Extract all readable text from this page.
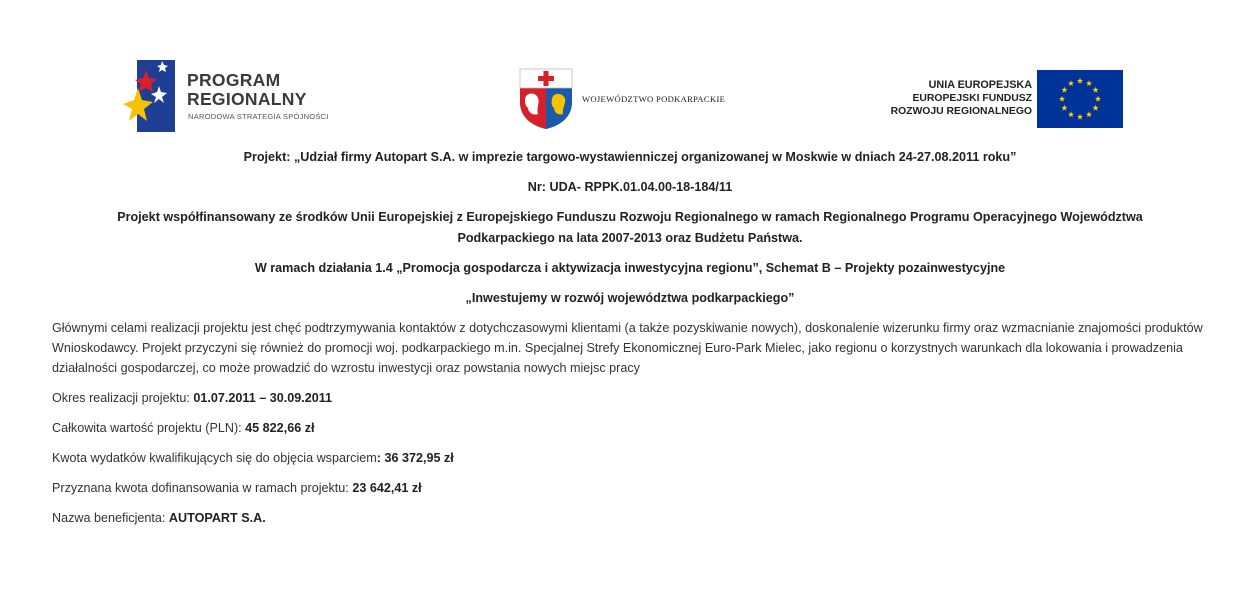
PROGRAM
REGIONALNY
NARODOWA STRATEGIA SPÓJNOŚCI
WOJEWÓDZTWO PODKARPACKIE
UNIA EUROPEJSKA
EUROPEJSKI FUNDUSZ
ROZWOJU REGIONALNEGO
Projekt: „Udział firmy Autopart S.A. w imprezie targowo-wystawienniczej organizowanej w Moskwie w dniach 24-27.08.2011 roku”
Nr: UDA- RPPK.01.04.00-18-184/11
Projekt współfinansowany ze środków Unii Europejskiej z Europejskiego Funduszu Rozwoju Regionalnego w ramach Regionalnego Programu Operacyjnego Województwa
Podkarpackiego na lata 2007-2013 oraz Budżetu Państwa.
W ramach działania 1.4 „Promocja gospodarcza i aktywizacja inwestycyjna regionu”, Schemat B – Projekty pozainwestycyjne
„Inwestujemy w rozwój województwa podkarpackiego”
Głównymi celami realizacji projektu jest chęć podtrzymywania kontaktów z dotychczasowymi klientami (a także pozyskiwanie nowych), doskonalenie wizerunku firmy oraz wzmacnianie znajomości produktów Wnioskodawcy. Projekt przyczyni się również do promocji woj. podkarpackiego m.in. Specjalnej Strefy Ekonomicznej Euro-Park Mielec, jako regionu o korzystnych warunkach dla lokowania i prowadzenia działalności gospodarczej, co może prowadzić do wzrostu inwestycji oraz powstania nowych miejsc pracy
Okres realizacji projektu: 01.07.2011 – 30.09.2011
Całkowita wartość projektu (PLN): 45 822,66 zł
Kwota wydatków kwalifikujących się do objęcia wsparciem: 36 372,95 zł
Przyznana kwota dofinansowania w ramach projektu: 23 642,41 zł
Nazwa beneficjenta: AUTOPART S.A.
